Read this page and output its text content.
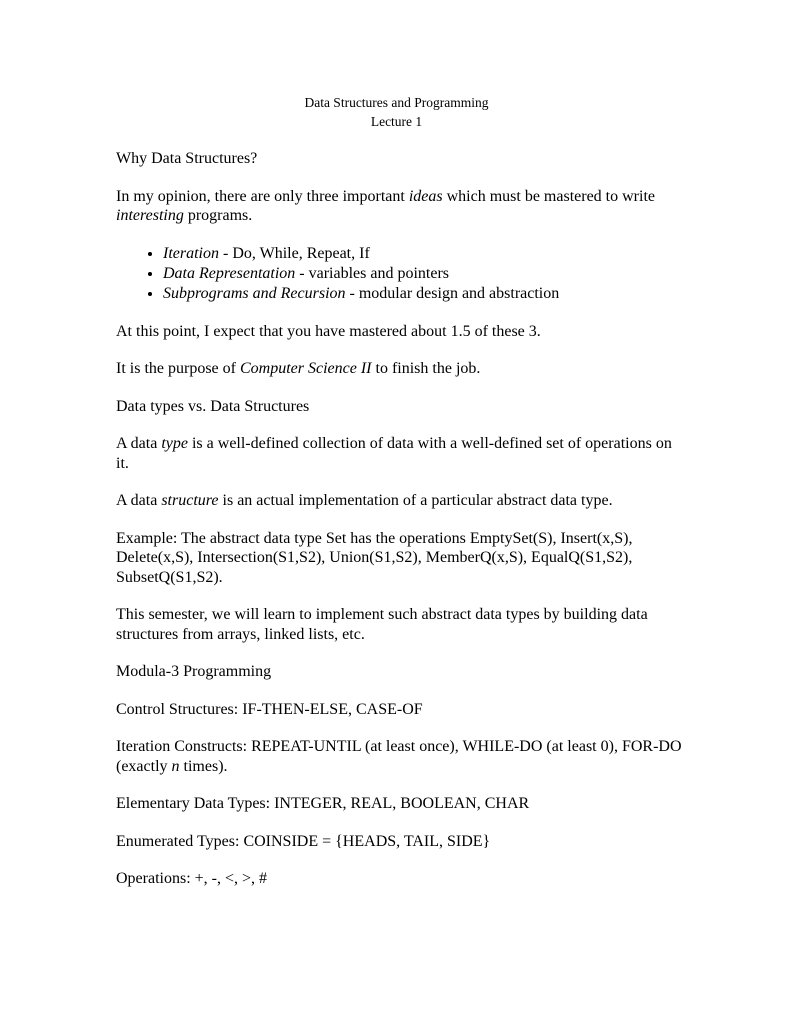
Data Structures and Programming
Lecture 1

Why Data Structures?

In my opinion, there are only three important ideas which must be mastered to write interesting programs.

• Iteration - Do, While, Repeat, If
• Data Representation - variables and pointers
• Subprograms and Recursion - modular design and abstraction

At this point, I expect that you have mastered about 1.5 of these 3.

It is the purpose of Computer Science II to finish the job.

Data types vs. Data Structures

A data type is a well-defined collection of data with a well-defined set of operations on it.

A data structure is an actual implementation of a particular abstract data type.

Example: The abstract data type Set has the operations EmptySet(S), Insert(x,S), Delete(x,S), Intersection(S1,S2), Union(S1,S2), MemberQ(x,S), EqualQ(S1,S2), SubsetQ(S1,S2).

This semester, we will learn to implement such abstract data types by building data structures from arrays, linked lists, etc.

Modula-3 Programming

Control Structures: IF-THEN-ELSE, CASE-OF

Iteration Constructs: REPEAT-UNTIL (at least once), WHILE-DO (at least 0), FOR-DO (exactly n times).

Elementary Data Types: INTEGER, REAL, BOOLEAN, CHAR

Enumerated Types: COINSIDE = {HEADS, TAIL, SIDE}

Operations: +, -, <, >, #
